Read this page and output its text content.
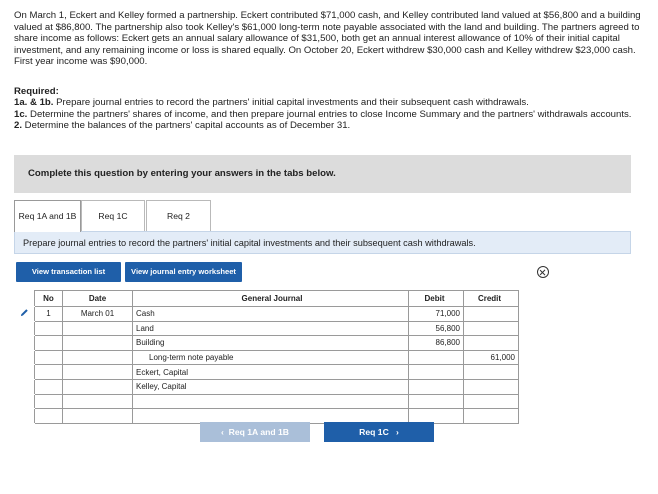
On March 1, Eckert and Kelley formed a partnership. Eckert contributed $71,000 cash, and Kelley contributed land valued at $56,800 and a building valued at $86,800. The partnership also took Kelley's $61,000 long-term note payable associated with the land and building. The partners agreed to share income as follows: Eckert gets an annual salary allowance of $31,500, both get an annual interest allowance of 10% of their initial capital investment, and any remaining income or loss is shared equally. On October 20, Eckert withdrew $30,000 cash and Kelley withdrew $23,000 cash. First year income was $90,000.
Required:
1a. & 1b. Prepare journal entries to record the partners' initial capital investments and their subsequent cash withdrawals.
1c. Determine the partners' shares of income, and then prepare journal entries to close Income Summary and the partners' withdrawals accounts.
2. Determine the balances of the partners' capital accounts as of December 31.
Complete this question by entering your answers in the tabs below.
Req 1A and 1B	Req 1C	Req 2
Prepare journal entries to record the partners' initial capital investments and their subsequent cash withdrawals.
View transaction list	View journal entry worksheet
	No	Date	General Journal	Debit	Credit
	1	March 01	Cash	71,000	
			Land	56,800	
			Building	86,800	
			Long-term note payable		61,000
			Eckert, Capital		
			Kelley, Capital		

‹  Req 1A and 1B	Req 1C   ›
